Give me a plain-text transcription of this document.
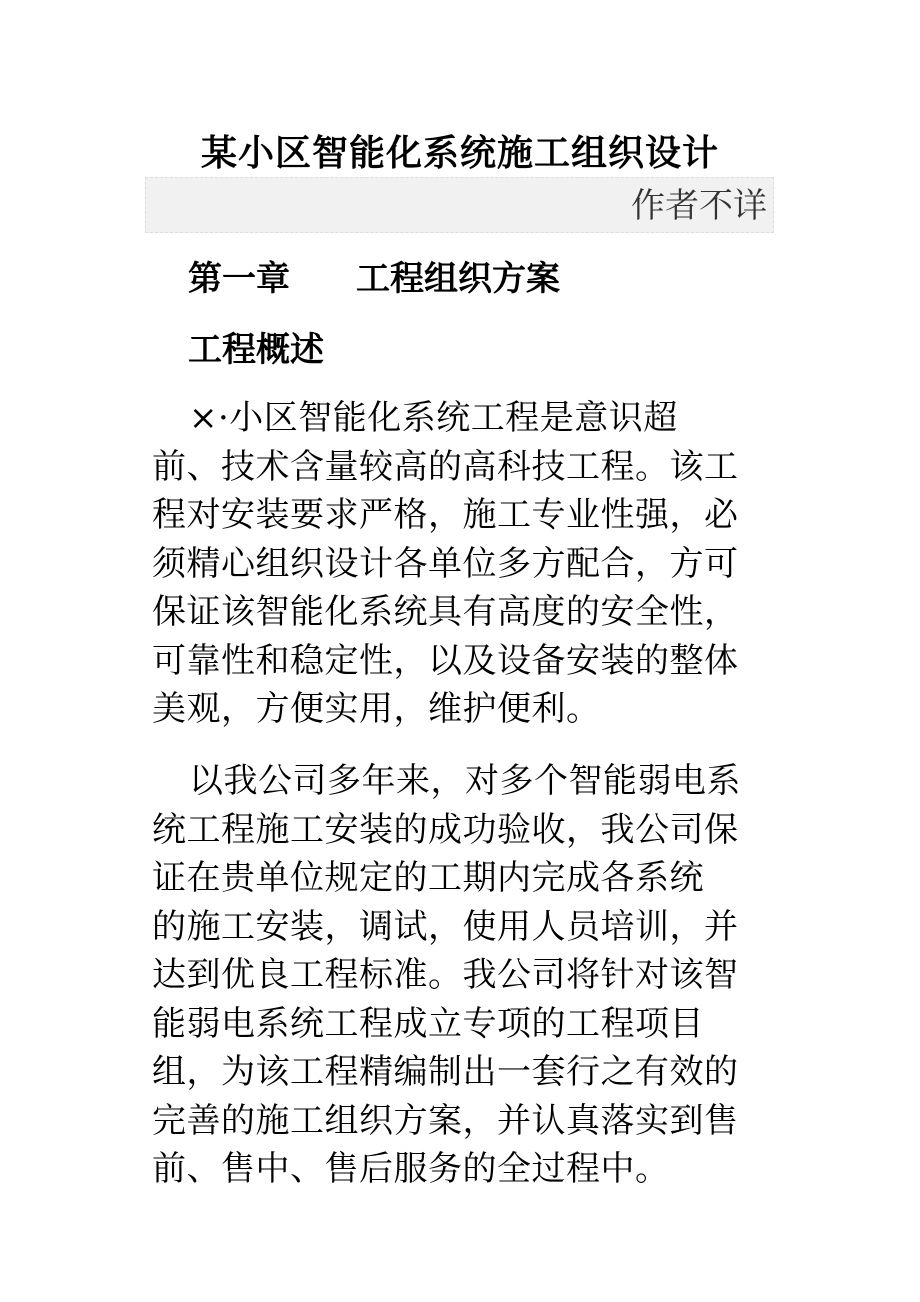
某小区智能化系统施工组织设计
作者不详
第一章 工程组织方案
工程概述
×·小区智能化系统工程是意识超
前、技术含量较高的高科技工程。该工
程对安装要求严格，施工专业性强，必
须精心组织设计各单位多方配合，方可
保证该智能化系统具有高度的安全性，
可靠性和稳定性，以及设备安装的整体
美观，方便实用，维护便利。
以我公司多年来，对多个智能弱电系
统工程施工安装的成功验收，我公司保
证在贵单位规定的工期内完成各系统
的施工安装，调试，使用人员培训，并
达到优良工程标准。我公司将针对该智
能弱电系统工程成立专项的工程项目
组，为该工程精编制出一套行之有效的
完善的施工组织方案，并认真落实到售
前、售中、售后服务的全过程中。
